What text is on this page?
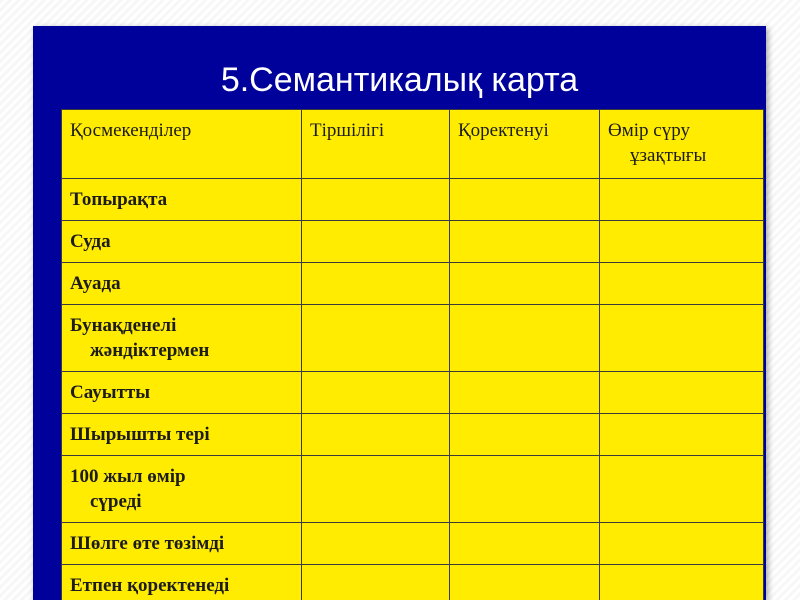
5.Семантикалық карта
Қосмекенділер	Тіршілігі	Қоректенуі	Өмір сүру
ұзақтығы

Топырақта			
Суда			
Ауада			
Бунақденелі
жәндіктермен			

Сауытты			
Шырышты тері			
100 жыл өмір
сүреді			

Шөлге өте төзімді			
Етпен қоректенеді			
